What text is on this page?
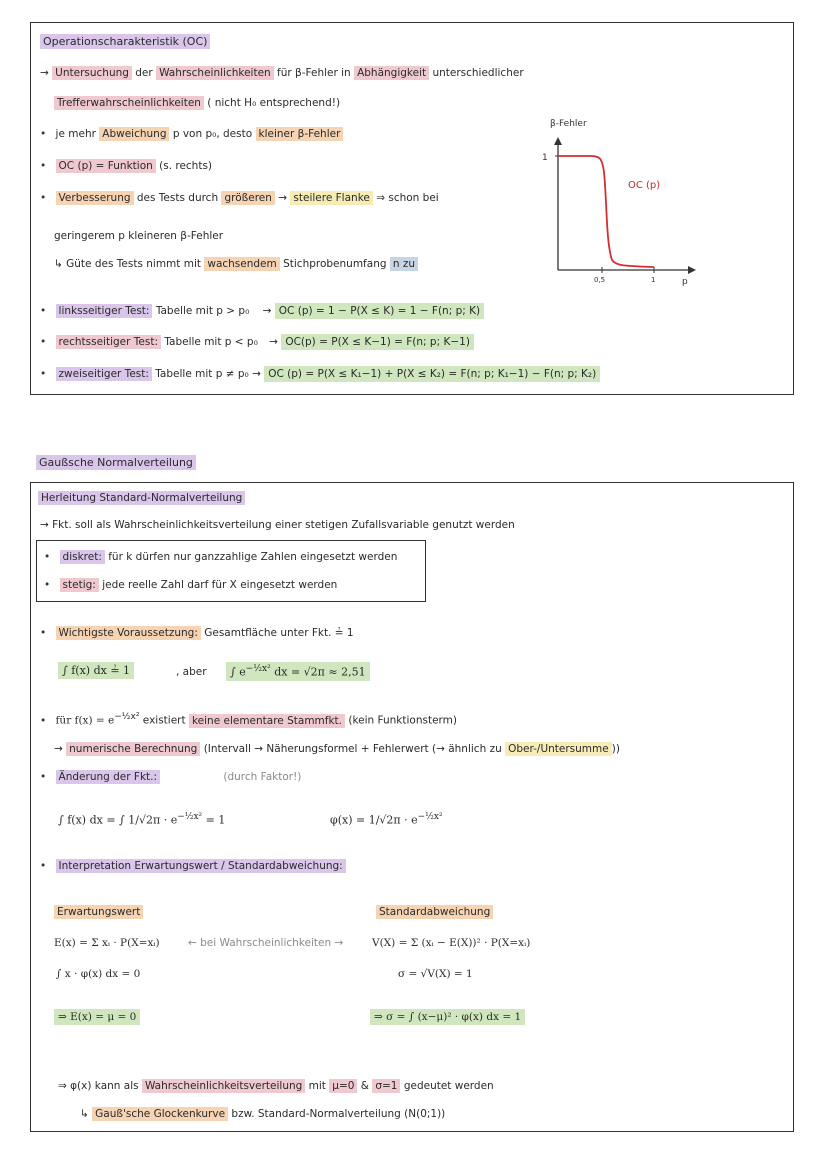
Operationscharakteristik (OC)
→ Untersuchung der Wahrscheinlichkeiten für β-Fehler in Abhängigkeit unterschiedlicher
Trefferwahrscheinlichkeiten ( nicht H₀ entsprechend!)
• je mehr Abweichung p von p₀, desto kleiner β-Fehler
• OC (p) = Funktion (s. rechts)
• Verbesserung des Tests durch größeren → steilere Flanke ⇒ schon bei
geringerem p kleineren β-Fehler
↳ Güte des Tests nimmt mit wachsendem Stichprobenumfang n zu
β-Fehler
1
OC (p)
0,5	1	p
• linksseitiger Test: Tabelle mit p > p₀ → OC (p) = 1 − P(X ≤ K) = 1 − F(n; p; K)
• rechtsseitiger Test: Tabelle mit p < p₀ → OC(p) = P(X ≤ K−1) = F(n; p; K−1)
• zweiseitiger Test: Tabelle mit p ≠ p₀ → OC (p) = P(X ≤ K₁−1) + P(X ≤ K₂) = F(n; p; K₁−1) − F(n; p; K₂)
Gaußsche Normalverteilung
Herleitung Standard-Normalverteilung
→ Fkt. soll als Wahrscheinlichkeitsverteilung einer stetigen Zufallsvariable genutzt werden
• diskret: für k dürfen nur ganzzahlige Zahlen eingesetzt werden
• stetig: jede reelle Zahl darf für X eingesetzt werden
• Wichtigste Voraussetzung: Gesamtfläche unter Fkt. ≟ 1
∫ f(x) dx ≟ 1	, aber	∫ $e^{-\frac{1}{2}x^2}$ dx = √2π ≈ 2,51
• für $f(x) = e^{-\frac{1}{2}x^2}$ existiert keine elementare Stammfkt. (kein Funktionsterm)
→ numerische Berechnung (Intervall → Näherungsformel + Fehlerwert (→ ähnlich zu Ober-/Untersumme ))
• Änderung der Fkt.:	(durch Faktor!)
∫ f(x) dx = ∫ $1/√2\pi \cdot e^{-\frac{1}{2}x^2} = 1$	$\varphi(x) = 1/√2\pi \cdot e^{-\frac{1}{2}x^2}$
• Interpretation Erwartungswert / Standardabweichung:
Erwartungswert	Standardabweichung
E(x) = Σ xᵢ · P(X=xᵢ)	← bei Wahrscheinlichkeiten →	V(X) = Σ (xᵢ − E(X))² · P(X=xᵢ)
∫ x · φ(x) dx = 0	σ = √V(X) = 1
⇒ E(x) = μ = 0	⇒ σ = ∫ (x−μ)² · φ(x) dx = 1
⇒ φ(x) kann als Wahrscheinlichkeitsverteilung mit μ=0 & σ=1 gedeutet werden
↳ Gauß'sche Glockenkurve bzw. Standard-Normalverteilung (N(0;1))
